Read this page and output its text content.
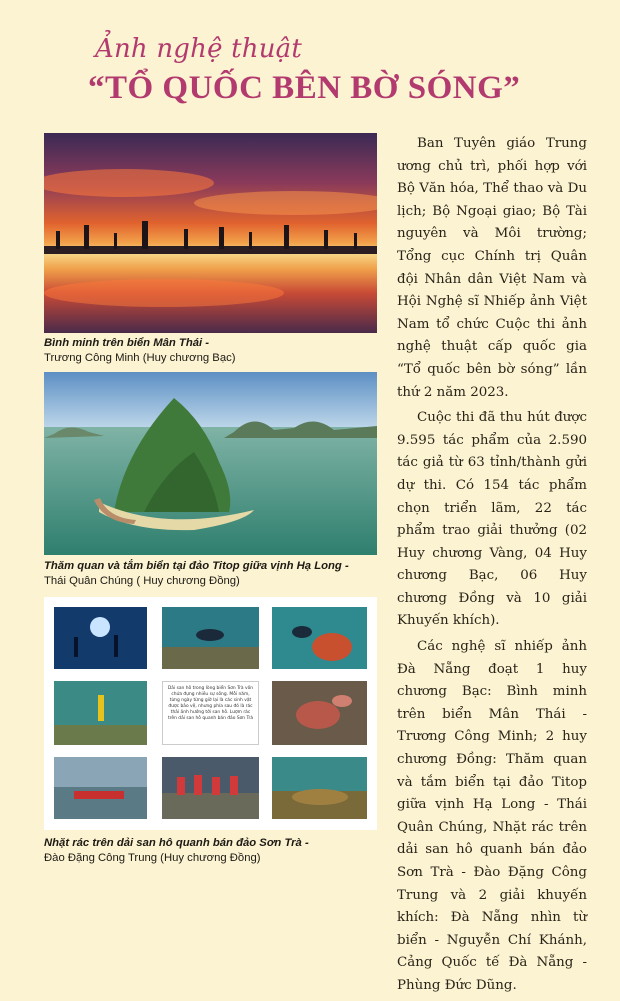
Ảnh nghệ thuật
“TỔ QUỐC BÊN BỜ SÓNG”
Bình minh trên biển Mân Thái -
Trương Công Minh (Huy chương Bạc)
Thăm quan và tắm biển tại đảo Titop giữa vịnh Hạ Long -
Thái Quân Chúng ( Huy chương Đồng)
Dải san hô trong lòng biển Sơn Trà vốn chứa đựng nhiều sự sống. Mỗi năm, từng ngày từng giờ lại là các sinh vật được bảo vệ, nhưng phía sau đó là rác thải ảnh hưởng tới san hô. Lượm rác trên dải san hô quanh bán đảo Sơn Trà
Nhặt rác trên dải san hô quanh bán đảo Sơn Trà -
Đào Đặng Công Trung (Huy chương Đồng)

Ban Tuyên giáo Trung ương chủ trì, phối hợp với Bộ Văn hóa, Thể thao và Du lịch; Bộ Ngoại giao; Bộ Tài nguyên và Môi trường; Tổng cục Chính trị Quân đội Nhân dân Việt Nam và Hội Nghệ sĩ Nhiếp ảnh Việt Nam tổ chức Cuộc thi ảnh nghệ thuật cấp quốc gia “Tổ quốc bên bờ sóng” lần thứ 2 năm 2023.

Cuộc thi đã thu hút được 9.595 tác phẩm của 2.590 tác giả từ 63 tỉnh/thành gửi dự thi. Có 154 tác phẩm chọn triển lãm, 22 tác phẩm trao giải thưởng (02 Huy chương Vàng, 04 Huy chương Bạc, 06 Huy chương Đồng và 10 giải Khuyến khích).

Các nghệ sĩ nhiếp ảnh Đà Nẵng đoạt 1 huy chương Bạc: Bình minh trên biển Mân Thái - Trương Công Minh; 2 huy chương Đồng: Thăm quan và tắm biển tại đảo Titop giữa vịnh Hạ Long - Thái Quân Chúng, Nhặt rác trên dải san hô quanh bán đảo Sơn Trà - Đào Đặng Công Trung và 2 giải khuyến khích: Đà Nẵng nhìn từ biển - Nguyễn Chí Khánh, Cảng Quốc tế Đà Nẵng - Phùng Đức Dũng.
